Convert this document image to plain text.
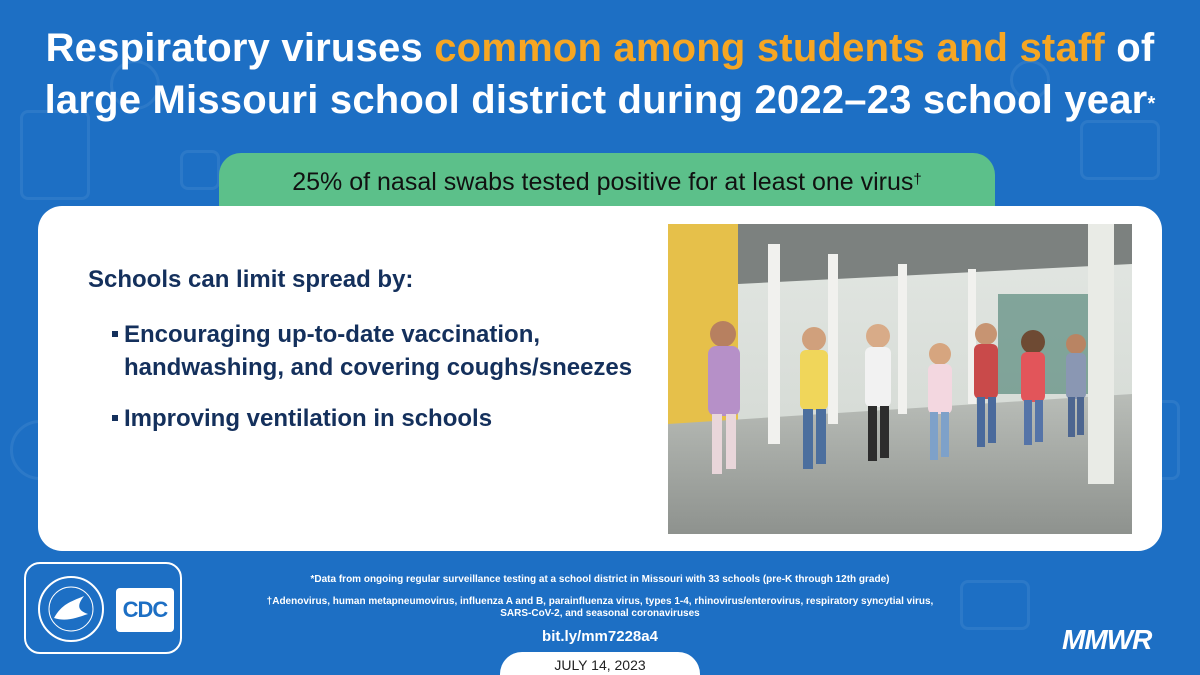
Respiratory viruses common among students and staff of large Missouri school district during 2022–23 school year*
25% of nasal swabs tested positive for at least one virus†
Schools can limit spread by:
Encouraging up-to-date vaccination, handwashing, and covering coughs/sneezes
Improving ventilation in schools
CDC
*Data from ongoing regular surveillance testing at a school district in Missouri with 33 schools (pre-K through 12th grade)
†Adenovirus, human metapneumovirus, influenza A and B, parainfluenza virus, types 1-4, rhinovirus/enterovirus, respiratory syncytial virus, SARS-CoV-2, and seasonal coronaviruses
bit.ly/mm7228a4
JULY 14, 2023
MMWR
